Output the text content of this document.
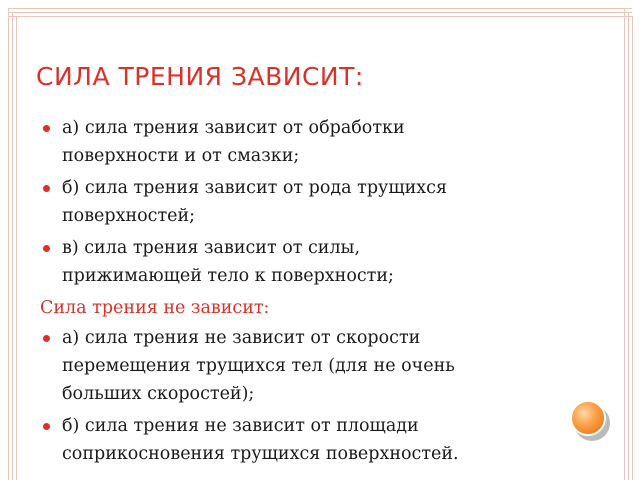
СИЛА ТРЕНИЯ ЗАВИСИТ:
а) сила трения зависит от обработки
поверхности и от смазки;
б) сила трения зависит от рода трущихся
поверхностей;
в) сила трения зависит от силы,
прижимающей тело к поверхности;
Сила трения не зависит:
а) сила трения не зависит от скорости
перемещения трущихся тел (для не очень
больших скоростей);
б) сила трения не зависит от площади
соприкосновения трущихся поверхностей.
